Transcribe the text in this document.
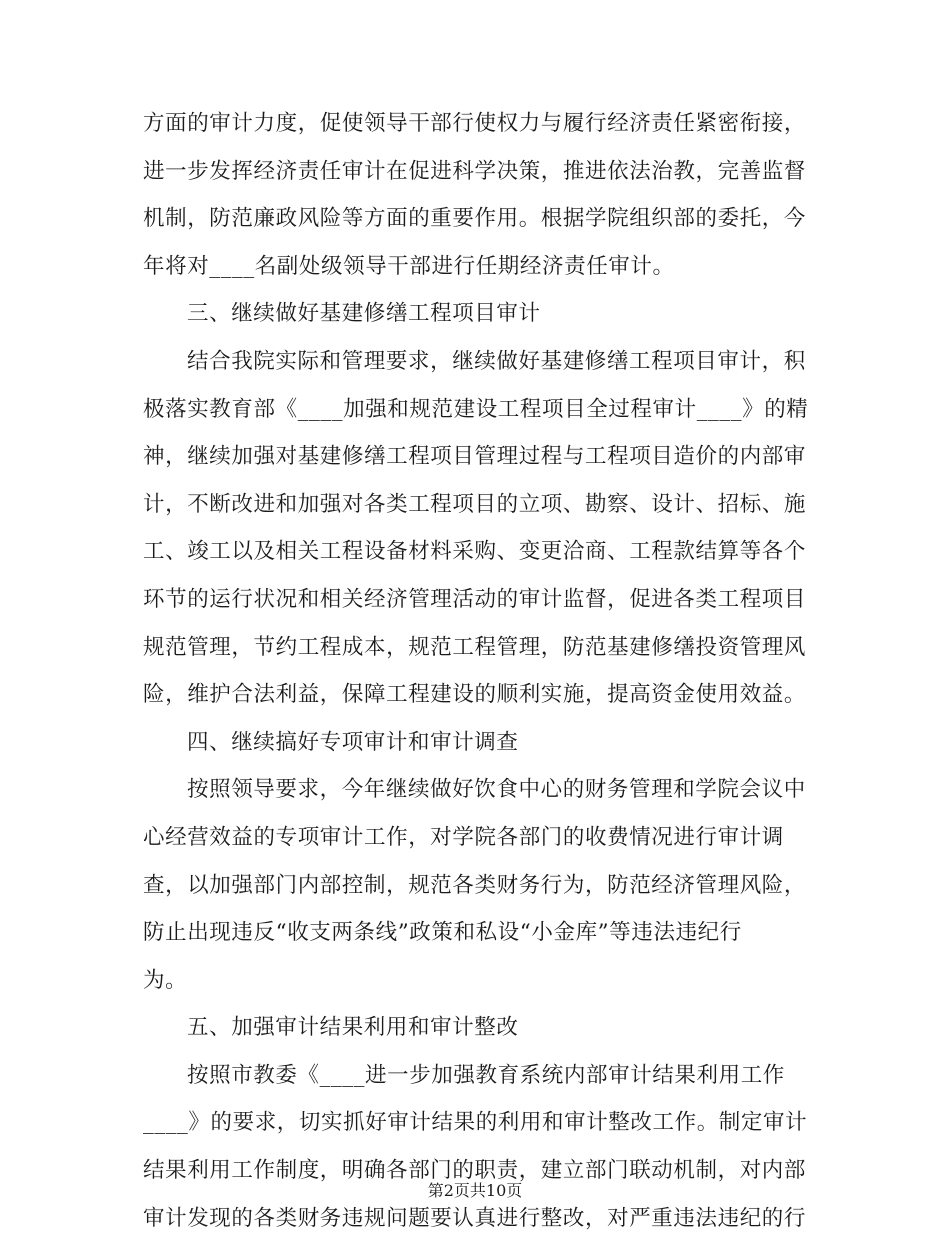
方面的审计力度，促使领导干部行使权力与履行经济责任紧密衔接，
进一步发挥经济责任审计在促进科学决策，推进依法治教，完善监督
机制，防范廉政风险等方面的重要作用。根据学院组织部的委托，今
年将对____名副处级领导干部进行任期经济责任审计。
三、继续做好基建修缮工程项目审计
结合我院实际和管理要求，继续做好基建修缮工程项目审计，积
极落实教育部《____加强和规范建设工程项目全过程审计____》的精
神，继续加强对基建修缮工程项目管理过程与工程项目造价的内部审
计，不断改进和加强对各类工程项目的立项、勘察、设计、招标、施
工、竣工以及相关工程设备材料采购、变更洽商、工程款结算等各个
环节的运行状况和相关经济管理活动的审计监督，促进各类工程项目
规范管理，节约工程成本，规范工程管理，防范基建修缮投资管理风
险，维护合法利益，保障工程建设的顺利实施，提高资金使用效益。
四、继续搞好专项审计和审计调查
按照领导要求，今年继续做好饮食中心的财务管理和学院会议中
心经营效益的专项审计工作，对学院各部门的收费情况进行审计调
查，以加强部门内部控制，规范各类财务行为，防范经济管理风险，
防止出现违反“收支两条线”政策和私设“小金库”等违法违纪行
为。
五、加强审计结果利用和审计整改
按照市教委《____进一步加强教育系统内部审计结果利用工作
____》的要求，切实抓好审计结果的利用和审计整改工作。制定审计
结果利用工作制度，明确各部门的职责，建立部门联动机制，对内部
审计发现的各类财务违规问题要认真进行整改，对严重违法违纪的行
第2页共10页
